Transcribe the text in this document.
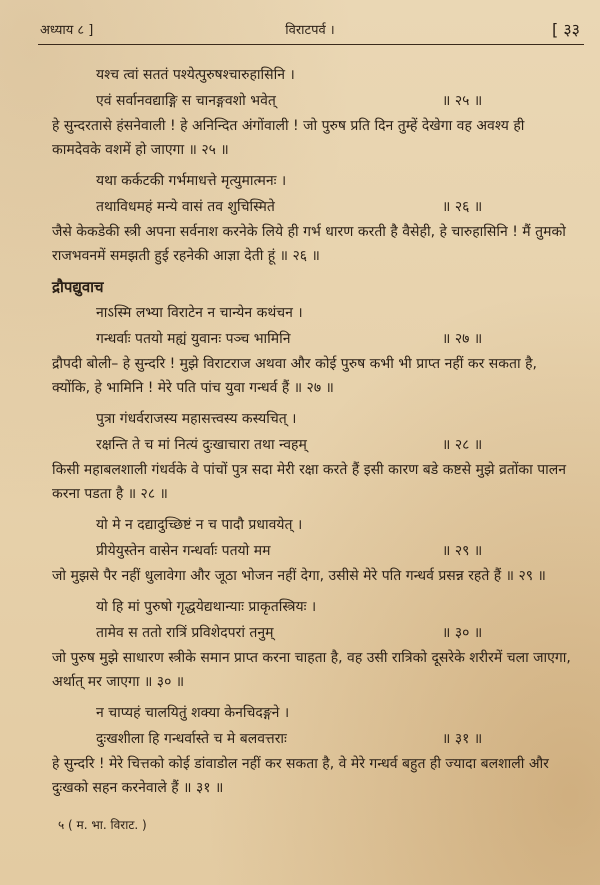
अध्याय ८ ]	विराटपर्व ।	[ ३३
यश्च त्वां सततं पश्येत्पुरुषश्चारुहासिनि ।
एवं सर्वानवद्याङ्गि स चानङ्गवशो भवेत्	॥ २५ ॥

हे सुन्दरतासे हंसनेवाली ! हे अनिन्दित अंगोंवाली ! जो पुरुष प्रति दिन तुम्हें देखेगा वह अवश्य ही कामदेवके वशमें हो जाएगा ॥ २५ ॥

यथा कर्कटकी गर्भमाधत्ते मृत्युमात्मनः ।
तथाविधमहं मन्ये वासं तव शुचिस्मिते	॥ २६ ॥

जैसे केकडेकी स्त्री अपना सर्वनाश करनेके लिये ही गर्भ धारण करती है वैसेही, हे चारुहासिनि ! मैं तुमको राजभवनमें समझती हुई रहनेकी आज्ञा देती हूं ॥ २६ ॥

द्रौपद्युवाच
नाऽस्मि लभ्या विराटेन न चान्येन कथंचन ।
गन्धर्वाः पतयो मह्यं युवानः पञ्च भामिनि	॥ २७ ॥

द्रौपदी बोली– हे सुन्दरि ! मुझे विराटराज अथवा और कोई पुरुष कभी भी प्राप्त नहीं कर सकता है, क्योंकि, हे भामिनि ! मेरे पति पांच युवा गन्धर्व हैं ॥ २७ ॥

पुत्रा गंधर्वराजस्य महासत्त्वस्य कस्यचित् ।
रक्षन्ति ते च मां नित्यं दुःखाचारा तथा न्वहम्	॥ २८ ॥

किसी महाबलशाली गंधर्वके वे पांचों पुत्र सदा मेरी रक्षा करते हैं इसी कारण बडे कष्टसे मुझे व्रतोंका पालन करना पडता है ॥ २८ ॥

यो मे न दद्यादुच्छिष्टं न च पादौ प्रधावयेत् ।
प्रीयेयुस्तेन वासेन गन्धर्वाः पतयो मम	॥ २९ ॥

जो मुझसे पैर नहीं धुलावेगा और जूठा भोजन नहीं देगा, उसीसे मेरे पति गन्धर्व प्रसन्न रहते हैं ॥ २९ ॥

यो हि मां पुरुषो गृद्धयेद्यथान्याः प्राकृतस्त्रियः ।
तामेव स ततो रात्रिं प्रविशेदपरां तनुम्	॥ ३० ॥

जो पुरुष मुझे साधारण स्त्रीके समान प्राप्त करना चाहता है, वह उसी रात्रिको दूसरेके शरीरमें चला जाएगा, अर्थात् मर जाएगा ॥ ३० ॥

न चाप्यहं चालयितुं शक्या केनचिदङ्गने ।
दुःखशीला हि गन्धर्वास्ते च मे बलवत्तराः	॥ ३१ ॥

हे सुन्दरि ! मेरे चित्तको कोई डांवाडोल नहीं कर सकता है, वे मेरे गन्धर्व बहुत ही ज्यादा बलशाली और दुःखको सहन करनेवाले हैं ॥ ३१ ॥

५ ( म. भा. विराट. )
